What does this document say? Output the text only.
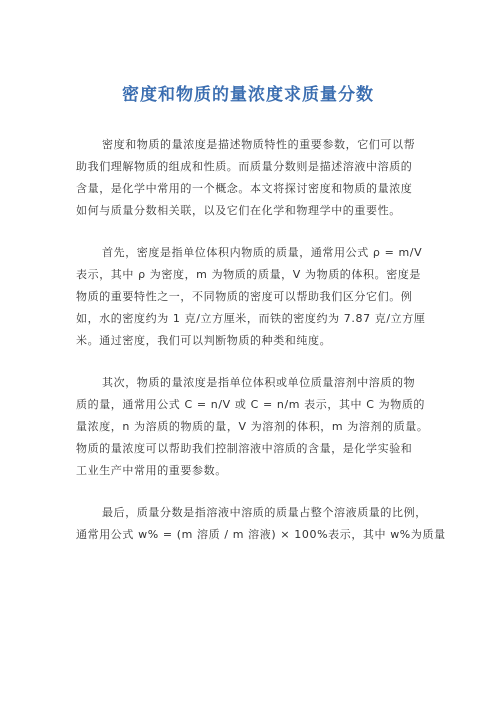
密度和物质的量浓度求质量分数
密度和物质的量浓度是描述物质特性的重要参数，它们可以帮
助我们理解物质的组成和性质。而质量分数则是描述溶液中溶质的
含量，是化学中常用的一个概念。本文将探讨密度和物质的量浓度
如何与质量分数相关联，以及它们在化学和物理学中的重要性。
首先，密度是指单位体积内物质的质量，通常用公式 ρ = m/V
表示，其中 ρ 为密度，m 为物质的质量，V 为物质的体积。密度是
物质的重要特性之一，不同物质的密度可以帮助我们区分它们。例
如，水的密度约为 1 克/立方厘米，而铁的密度约为 7.87 克/立方厘
米。通过密度，我们可以判断物质的种类和纯度。
其次，物质的量浓度是指单位体积或单位质量溶剂中溶质的物
质的量，通常用公式 C = n/V 或 C = n/m 表示，其中 C 为物质的
量浓度，n 为溶质的物质的量，V 为溶剂的体积，m 为溶剂的质量。
物质的量浓度可以帮助我们控制溶液中溶质的含量，是化学实验和
工业生产中常用的重要参数。
最后，质量分数是指溶液中溶质的质量占整个溶液质量的比例，
通常用公式 w% = (m 溶质 / m 溶液) × 100%表示，其中 w%为质量
